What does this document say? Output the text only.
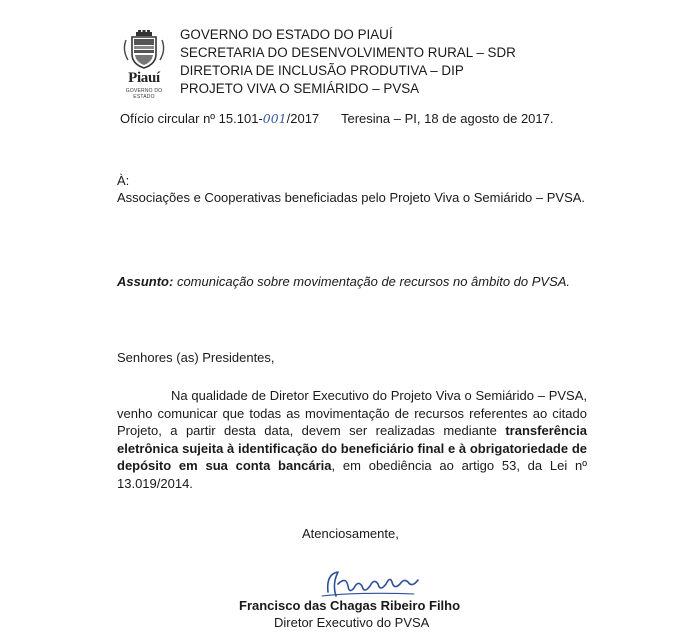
Piauí
GOVERNO DO ESTADO
GOVERNO DO ESTADO DO PIAUÍ
SECRETARIA DO DESENVOLVIMENTO RURAL – SDR
DIRETORIA DE INCLUSÃO PRODUTIVA – DIP
PROJETO VIVA O SEMIÁRIDO – PVSA
Ofício circular nº 15.101-001/2017 Teresina – PI, 18 de agosto de 2017.
À:
Associações e Cooperativas beneficiadas pelo Projeto Viva o Semiárido – PVSA.
Assunto: comunicação sobre movimentação de recursos no âmbito do PVSA.
Senhores (as) Presidentes,
Na qualidade de Diretor Executivo do Projeto Viva o Semiárido – PVSA, venho comunicar que todas as movimentação de recursos referentes ao citado Projeto, a partir desta data, devem ser realizadas mediante transferência eletrônica sujeita à identificação do beneficiário final e à obrigatoriedade de depósito em sua conta bancária, em obediência ao artigo 53, da Lei nº 13.019/2014.
Atenciosamente,
Francisco das Chagas Ribeiro Filho
Diretor Executivo do PVSA
